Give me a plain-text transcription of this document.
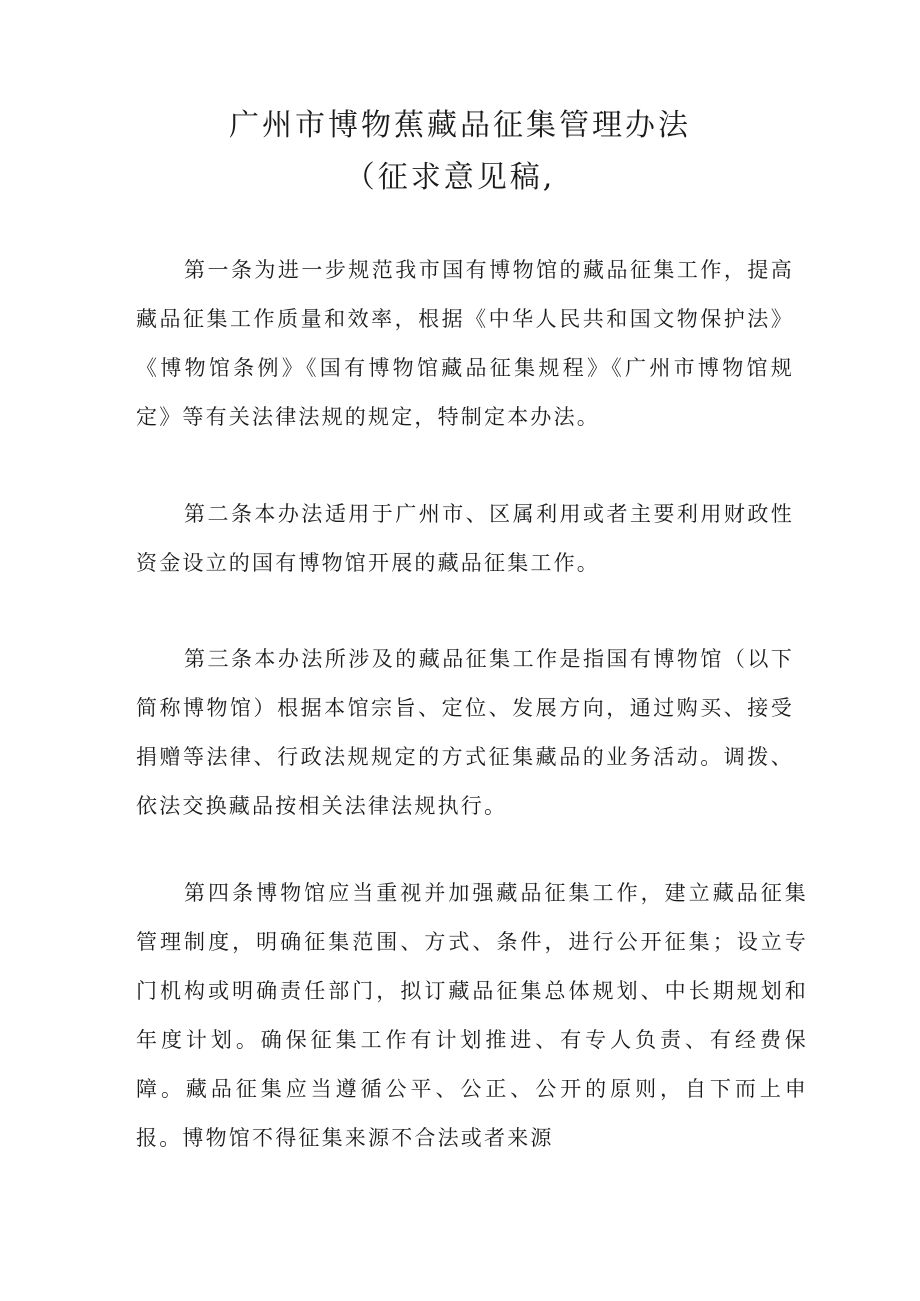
广州市博物蕉藏品征集管理办法
（征求意见稿,

第一条为进一步规范我市国有博物馆的藏品征集工作，提高藏品征集工作质量和效率，根据《中华人民共和国文物保护法》《博物馆条例》《国有博物馆藏品征集规程》《广州市博物馆规定》等有关法律法规的规定，特制定本办法。

第二条本办法适用于广州市、区属利用或者主要利用财政性资金设立的国有博物馆开展的藏品征集工作。

第三条本办法所涉及的藏品征集工作是指国有博物馆（以下简称博物馆）根据本馆宗旨、定位、发展方向，通过购买、接受捐赠等法律、行政法规规定的方式征集藏品的业务活动。调拨、依法交换藏品按相关法律法规执行。

第四条博物馆应当重视并加强藏品征集工作，建立藏品征集管理制度，明确征集范围、方式、条件，进行公开征集；设立专门机构或明确责任部门，拟订藏品征集总体规划、中长期规划和年度计划。确保征集工作有计划推进、有专人负责、有经费保障。藏品征集应当遵循公平、公正、公开的原则，自下而上申报。博物馆不得征集来源不合法或者来源
